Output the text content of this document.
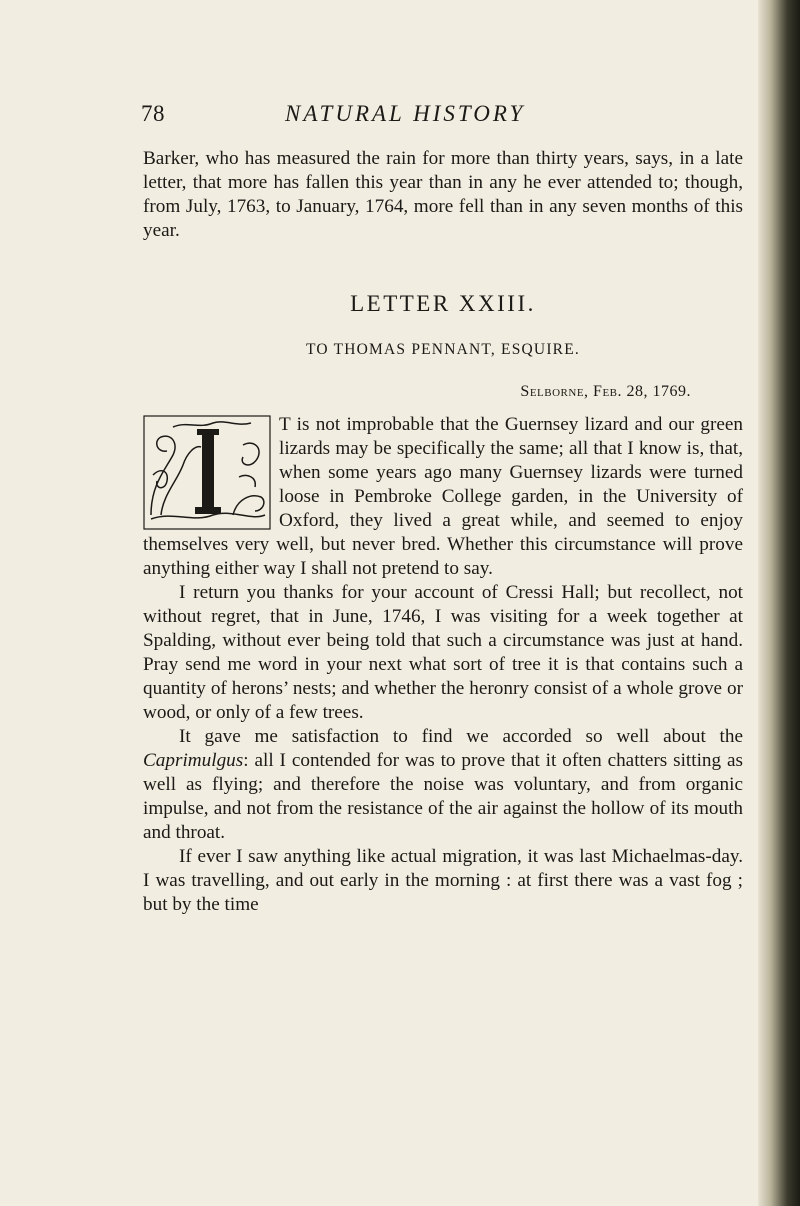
78	NATURAL HISTORY

Barker, who has measured the rain for more than thirty years, says, in a late letter, that more has fallen this year than in any he ever attended to; though, from July, 1763, to January, 1764, more fell than in any seven months of this year.

LETTER XXIII.
TO THOMAS PENNANT, ESQUIRE.
Selborne, Feb. 28, 1769.

T is not improbable that the Guernsey lizard and our green lizards may be specifically the same; all that I know is, that, when some years ago many Guernsey lizards were turned loose in Pembroke College garden, in the University of Oxford, they lived a great while, and seemed to enjoy themselves very well, but never bred. Whether this circumstance will prove anything either way I shall not pretend to say.

I return you thanks for your account of Cressi Hall; but recollect, not without regret, that in June, 1746, I was visiting for a week together at Spalding, without ever being told that such a circumstance was just at hand. Pray send me word in your next what sort of tree it is that contains such a quantity of herons’ nests; and whether the heronry consist of a whole grove or wood, or only of a few trees.

It gave me satisfaction to find we accorded so well about the Caprimulgus: all I contended for was to prove that it often chatters sitting as well as flying; and therefore the noise was voluntary, and from organic impulse, and not from the resistance of the air against the hollow of its mouth and throat.

If ever I saw anything like actual migration, it was last Michaelmas-day. I was travelling, and out early in the morning : at first there was a vast fog ; but by the time
